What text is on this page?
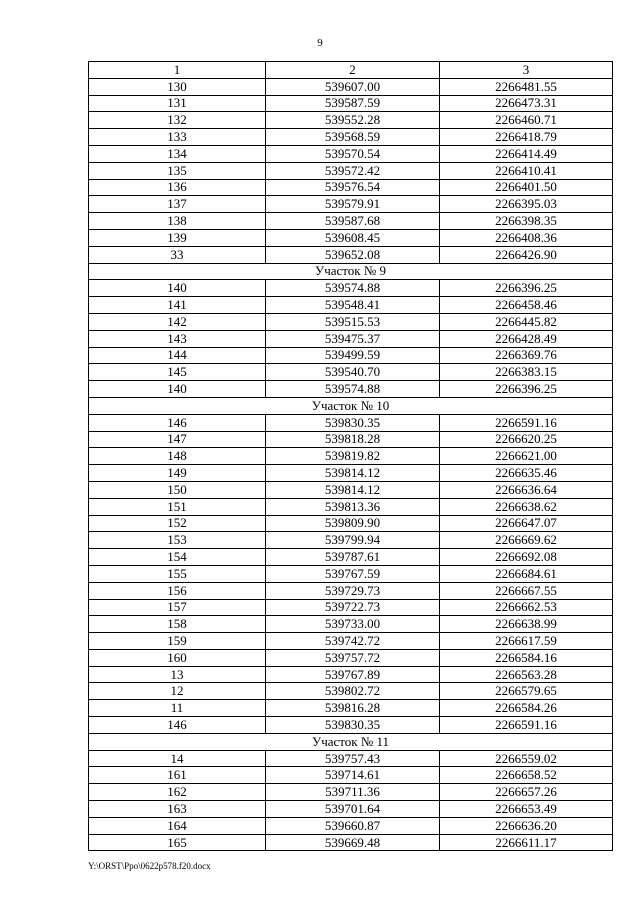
9
1	2	3
130	539607.00	2266481.55
131	539587.59	2266473.31
132	539552.28	2266460.71
133	539568.59	2266418.79
134	539570.54	2266414.49
135	539572.42	2266410.41
136	539576.54	2266401.50
137	539579.91	2266395.03
138	539587.68	2266398.35
139	539608.45	2266408.36
33	539652.08	2266426.90
Участок № 9		
140	539574.88	2266396.25
141	539548.41	2266458.46
142	539515.53	2266445.82
143	539475.37	2266428.49
144	539499.59	2266369.76
145	539540.70	2266383.15
140	539574.88	2266396.25
Участок № 10		
146	539830.35	2266591.16
147	539818.28	2266620.25
148	539819.82	2266621.00
149	539814.12	2266635.46
150	539814.12	2266636.64
151	539813.36	2266638.62
152	539809.90	2266647.07
153	539799.94	2266669.62
154	539787.61	2266692.08
155	539767.59	2266684.61
156	539729.73	2266667.55
157	539722.73	2266662.53
158	539733.00	2266638.99
159	539742.72	2266617.59
160	539757.72	2266584.16
13	539767.89	2266563.28
12	539802.72	2266579.65
11	539816.28	2266584.26
146	539830.35	2266591.16
Участок № 11		
14	539757.43	2266559.02
161	539714.61	2266658.52
162	539711.36	2266657.26
163	539701.64	2266653.49
164	539660.87	2266636.20
165	539669.48	2266611.17
Y:\ORST\Ppo\0622p578.f20.docx
